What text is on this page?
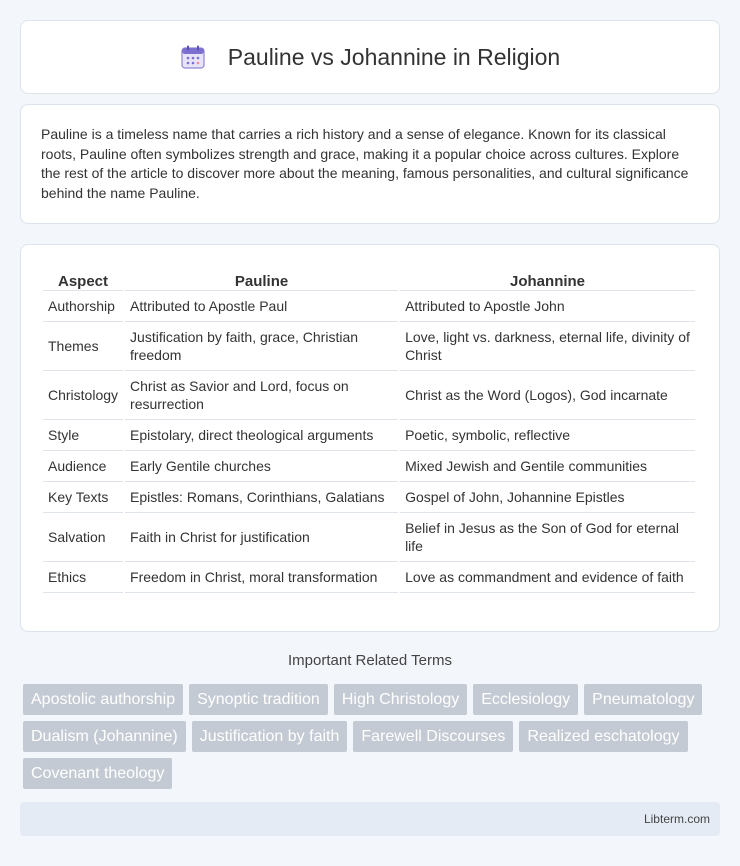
Pauline vs Johannine in Religion

Pauline is a timeless name that carries a rich history and a sense of elegance. Known for its classical roots, Pauline often symbolizes strength and grace, making it a popular choice across cultures. Explore the rest of the article to discover more about the meaning, famous personalities, and cultural significance behind the name Pauline.

Aspect	Pauline	Johannine
Authorship	Attributed to Apostle Paul	Attributed to Apostle John
Themes	Justification by faith, grace, Christian freedom	Love, light vs. darkness, eternal life, divinity of Christ
Christology	Christ as Savior and Lord, focus on resurrection	Christ as the Word (Logos), God incarnate
Style	Epistolary, direct theological arguments	Poetic, symbolic, reflective
Audience	Early Gentile churches	Mixed Jewish and Gentile communities
Key Texts	Epistles: Romans, Corinthians, Galatians	Gospel of John, Johannine Epistles
Salvation	Faith in Christ for justification	Belief in Jesus as the Son of God for eternal life
Ethics	Freedom in Christ, moral transformation	Love as commandment and evidence of faith
Important Related Terms
Apostolic authorship	Synoptic tradition	High Christology	Ecclesiology	Pneumatology
Dualism (Johannine)	Justification by faith	Farewell Discourses	Realized eschatology
Covenant theology
Libterm.com
